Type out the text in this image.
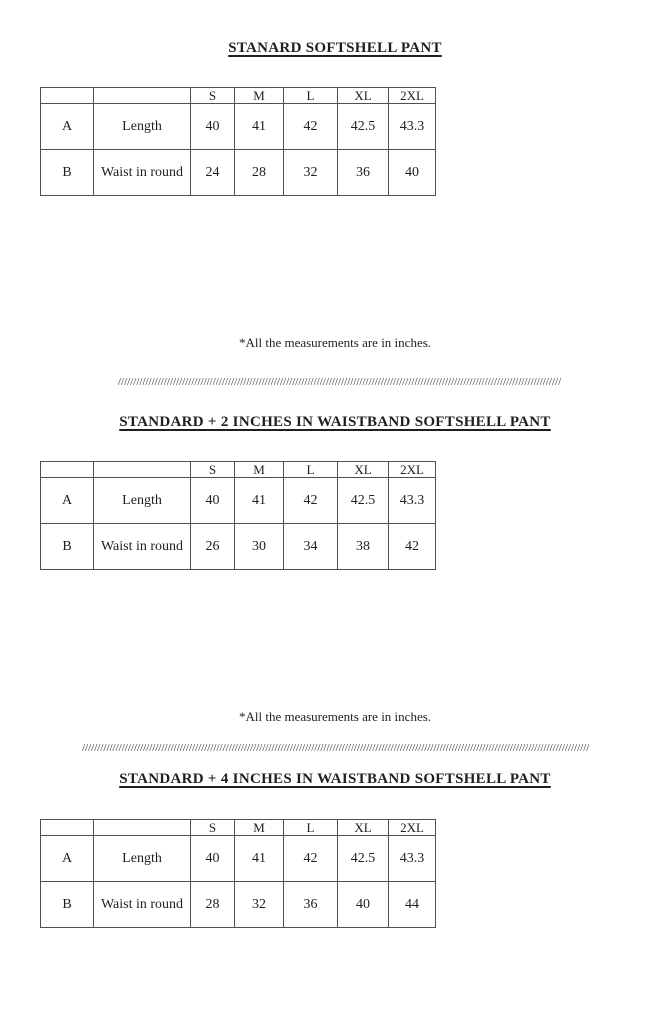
STANARD SOFTSHELL PANT
		S	M	L	XL	2XL
A	Length	40	41	42	42.5	43.3
B	Waist in round	24	28	32	36	40
*All the measurements are in inches.
/////////////////////////////////////////////////////////////////////////////////////////////////////////////////////////////////////////////////
STANDARD + 2 INCHES IN WAISTBAND SOFTSHELL PANT
		S	M	L	XL	2XL
A	Length	40	41	42	42.5	43.3
B	Waist in round	26	30	34	38	42
*All the measurements are in inches.
//////////////////////////////////////////////////////////////////////////////////////////////////////////////////////////////////////////////////////////////////////
STANDARD + 4 INCHES IN WAISTBAND SOFTSHELL PANT
		S	M	L	XL	2XL
A	Length	40	41	42	42.5	43.3
B	Waist in round	28	32	36	40	44
